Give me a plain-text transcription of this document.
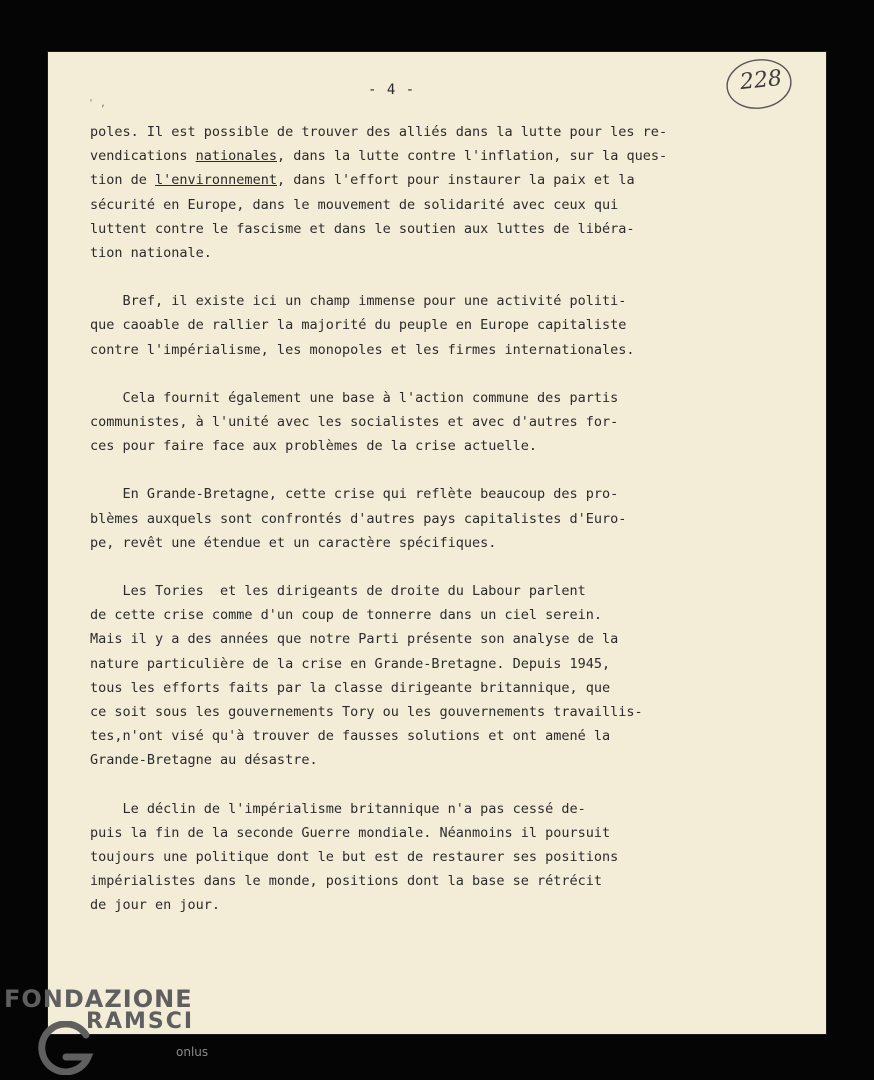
- 4 -	228
' ,

poles. Il est possible de trouver des alliés dans la lutte pour les re-
vendications nationales, dans la lutte contre l'inflation, sur la ques-
tion de l'environnement, dans l'effort pour instaurer la paix et la
sécurité en Europe, dans le mouvement de solidarité avec ceux qui
luttent contre le fascisme et dans le soutien aux luttes de libéra-
tion nationale.

Bref, il existe ici un champ immense pour une activité politi-
que caoable de rallier la majorité du peuple en Europe capitaliste
contre l'impérialisme, les monopoles et les firmes internationales.

Cela fournit également une base à l'action commune des partis
communistes, à l'unité avec les socialistes et avec d'autres for-
ces pour faire face aux problèmes de la crise actuelle.

En Grande-Bretagne, cette crise qui reflète beaucoup des pro-
blèmes auxquels sont confrontés d'autres pays capitalistes d'Euro-
pe, revêt une étendue et un caractère spécifiques.

Les Tories  et les dirigeants de droite du Labour parlent
de cette crise comme d'un coup de tonnerre dans un ciel serein.
Mais il y a des années que notre Parti présente son analyse de la
nature particulière de la crise en Grande-Bretagne. Depuis 1945,
tous les efforts faits par la classe dirigeante britannique, que
ce soit sous les gouvernements Tory ou les gouvernements travaillis-
tes,n'ont visé qu'à trouver de fausses solutions et ont amené la
Grande-Bretagne au désastre.

Le déclin de l'impérialisme britannique n'a pas cessé de-
puis la fin de la seconde Guerre mondiale. Néanmoins il poursuit
toujours une politique dont le but est de restaurer ses positions
impérialistes dans le monde, positions dont la base se rétrécit
de jour en jour.

FONDAZIONE
RAMSCI
onlus
